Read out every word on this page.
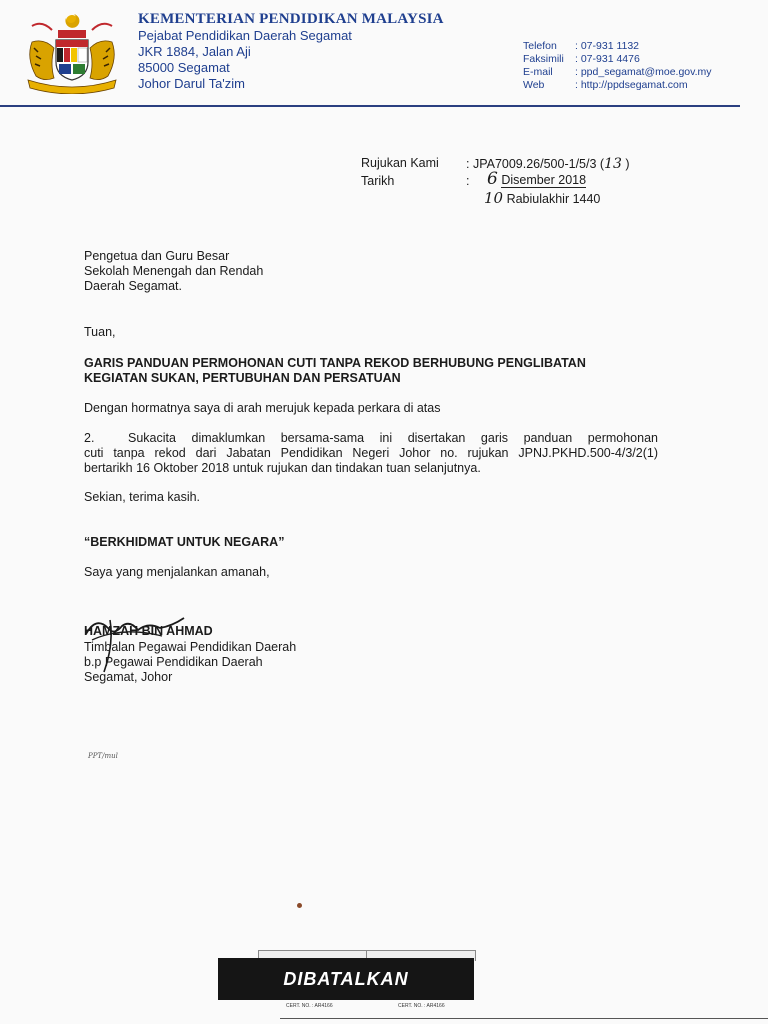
KEMENTERIAN PENDIDIKAN MALAYSIA
Pejabat Pendidikan Daerah Segamat
JKR 1884, Jalan Aji
85000 Segamat
Johor Darul Ta'zim
Telefon : 07-931 1132
Faksimili : 07-931 4476
E-mail : ppd_segamat@moe.gov.my
Web	: http://ppdsegamat.com
Rujukan Kami : JPA7009.26/500-1/5/3 (13 )
Tarikh	: 6 Disember 2018
10 Rabiulakhir 1440
Pengetua dan Guru Besar
Sekolah Menengah dan Rendah
Daerah Segamat.
Tuan,
GARIS PANDUAN PERMOHONAN CUTI TANPA REKOD BERHUBUNG PENGLIBATAN
KEGIATAN SUKAN, PERTUBUHAN DAN PERSATUAN
Dengan hormatnya saya di arah merujuk kepada perkara di atas
2.	Sukacita dimaklumkan bersama-sama ini disertakan garis panduan permohonan
cuti tanpa rekod dari Jabatan Pendidikan Negeri Johor no. rujukan JPNJ.PKHD.500-4/3/2(1)
bertarikh 16 Oktober 2018 untuk rujukan dan tindakan tuan selanjutnya.
Sekian, terima kasih.
“BERKHIDMAT UNTUK NEGARA”
Saya yang menjalankan amanah,
HAMZAH BIN AHMAD
Timbalan Pegawai Pendidikan Daerah
b.p Pegawai Pendidikan Daerah
Segamat, Johor
PPT/mul
DIBATALKAN
CERT. NO. : AR4166	CERT. NO. : AR4166
